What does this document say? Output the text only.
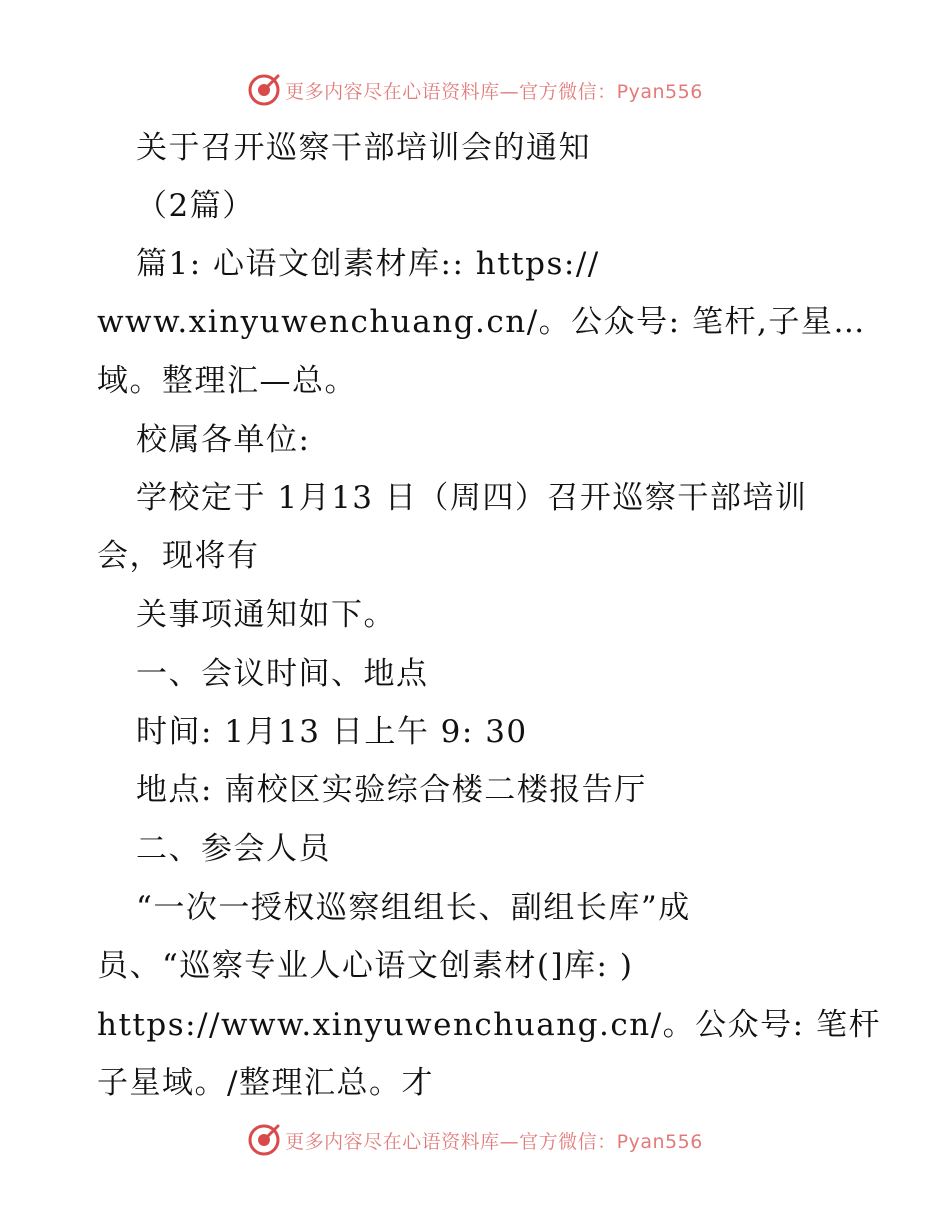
更多内容尽在心语资料库—官方微信：Pyan556
关于召开巡察干部培训会的通知
（2篇）
篇1: 心语文创素材库:: https://
www.xinyuwenchuang.cn/。公众号: 笔杆,子星…
域。整理汇—总。
校属各单位:
学校定于 1月13 日（周四）召开巡察干部培训
会，现将有
关事项通知如下。
一、会议时间、地点
时间: 1月13 日上午 9: 30
地点: 南校区实验综合楼二楼报告厅
二、参会人员
“一次一授权巡察组组长、副组长库”成
员、“巡察专业人心语文创素材(]库: )
https://www.xinyuwenchuang.cn/。公众号: 笔杆
子星域。/整理汇总。才
更多内容尽在心语资料库—官方微信：Pyan556
